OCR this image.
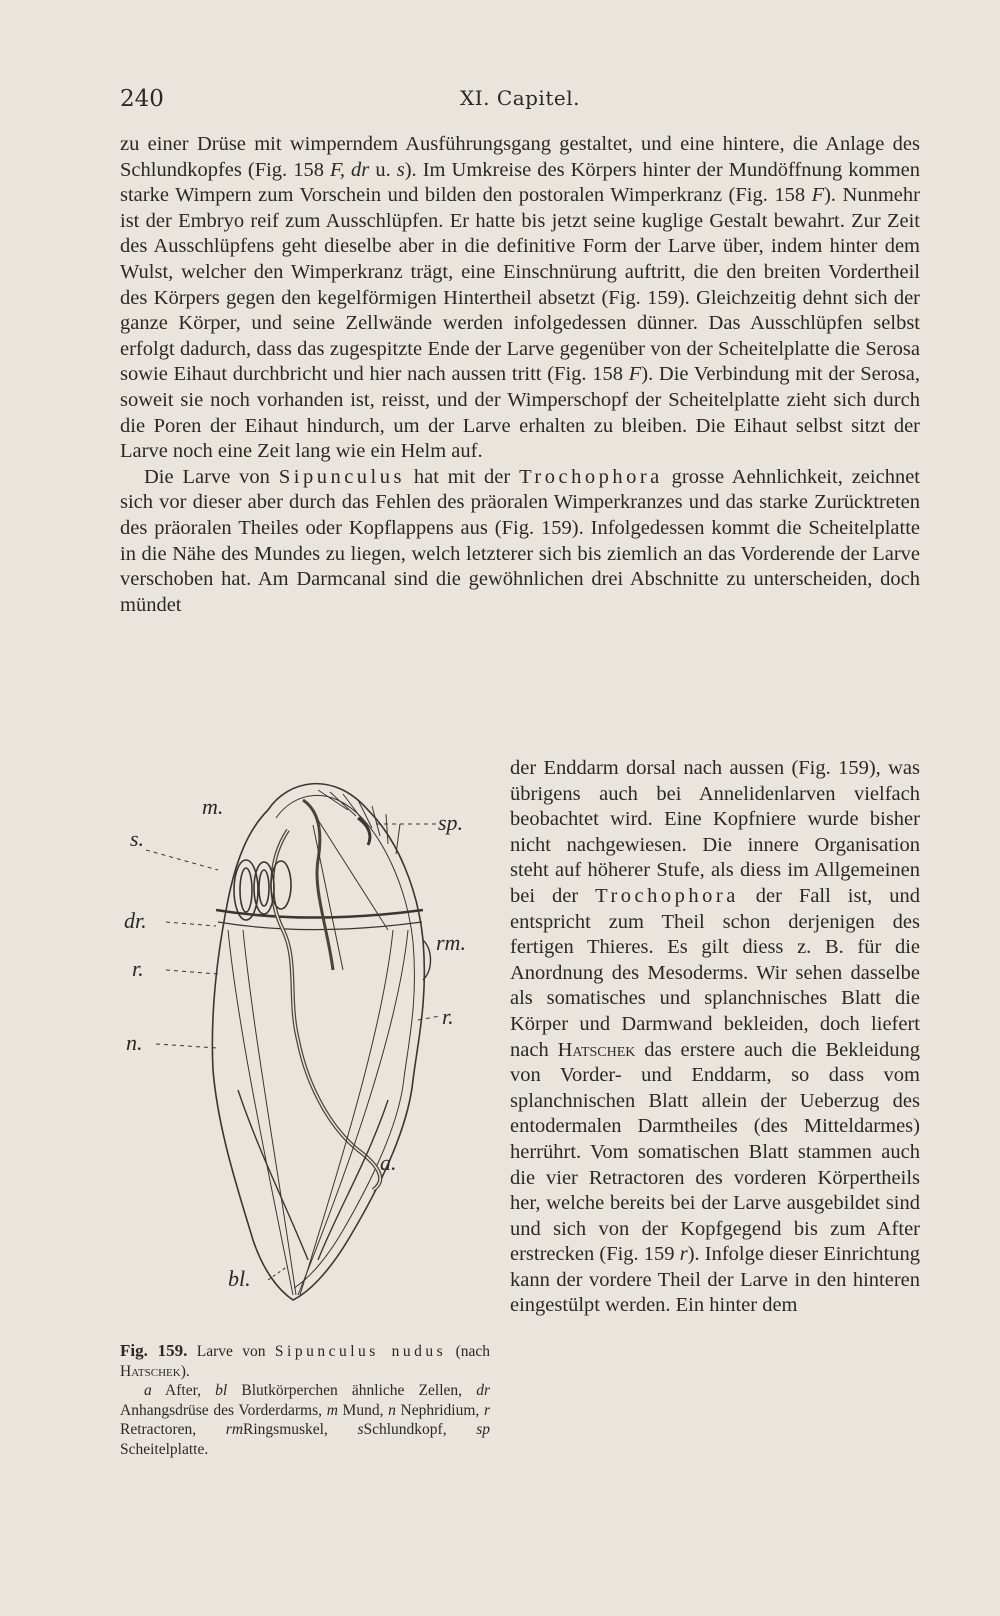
240	XI. Capitel.

zu einer Drüse mit wimperndem Ausführungsgang gestaltet, und eine hintere, die Anlage des Schlundkopfes (Fig. 158 F, dr u. s). Im Umkreise des Körpers hinter der Mundöffnung kommen starke Wimpern zum Vorschein und bilden den postoralen Wimperkranz (Fig. 158 F). Nunmehr ist der Embryo reif zum Ausschlüpfen. Er hatte bis jetzt seine kuglige Gestalt bewahrt. Zur Zeit des Ausschlüpfens geht dieselbe aber in die definitive Form der Larve über, indem hinter dem Wulst, welcher den Wimperkranz trägt, eine Einschnürung auftritt, die den breiten Vordertheil des Körpers gegen den kegelförmigen Hintertheil absetzt (Fig. 159). Gleichzeitig dehnt sich der ganze Körper, und seine Zellwände werden infolgedessen dünner. Das Ausschlüpfen selbst erfolgt dadurch, dass das zugespitzte Ende der Larve gegenüber von der Scheitelplatte die Serosa sowie Eihaut durchbricht und hier nach aussen tritt (Fig. 158 F). Die Verbindung mit der Serosa, soweit sie noch vorhanden ist, reisst, und der Wimperschopf der Scheitelplatte zieht sich durch die Poren der Eihaut hindurch, um der Larve erhalten zu bleiben. Die Eihaut selbst sitzt der Larve noch eine Zeit lang wie ein Helm auf.

Die Larve von Sipunculus hat mit der Trochophora grosse Aehnlichkeit, zeichnet sich vor dieser aber durch das Fehlen des präoralen Wimperkranzes und das starke Zurücktreten des präoralen Theiles oder Kopflappens aus (Fig. 159). Infolgedessen kommt die Scheitelplatte in die Nähe des Mundes zu liegen, welch letzterer sich bis ziemlich an das Vorderende der Larve verschoben hat. Am Darmcanal sind die gewöhnlichen drei Abschnitte zu unterscheiden, doch mündet

der Enddarm dorsal nach aussen (Fig. 159), was übrigens auch bei Annelidenlarven vielfach beobachtet wird. Eine Kopfniere wurde bisher nicht nachgewiesen. Die innere Organisation steht auf höherer Stufe, als diess im Allgemeinen bei der Trochophora der Fall ist, und entspricht zum Theil schon derjenigen des fertigen Thieres. Es gilt diess z. B. für die Anordnung des Mesoderms. Wir sehen dasselbe als somatisches und splanchnisches Blatt die Körper und Darmwand bekleiden, doch liefert nach Hatschek das erstere auch die Bekleidung von Vorder- und Enddarm, so dass vom splanchnischen Blatt allein der Ueberzug des entodermalen Darmtheiles (des Mitteldarmes) herrührt. Vom somatischen Blatt stammen auch die vier Retractoren des vorderen Körpertheils her, welche bereits bei der Larve ausgebildet sind und sich von der Kopfgegend bis zum After erstrecken (Fig. 159 r). Infolge dieser Einrichtung kann der vordere Theil der Larve in den hinteren eingestülpt werden. Ein hinter dem

m.
s.
sp.
dr.
rm.
r.
r.
n.
a.
bl.

Fig. 159. Larve von Sipunculus nudus (nach Hatschek).

a After, bl Blutkörperchen ähnliche Zellen, dr Anhangsdrüse des Vorderdarms, m Mund, n Nephridium, r Retractoren, rmRingsmuskel, sSchlundkopf, sp Scheitelplatte.
